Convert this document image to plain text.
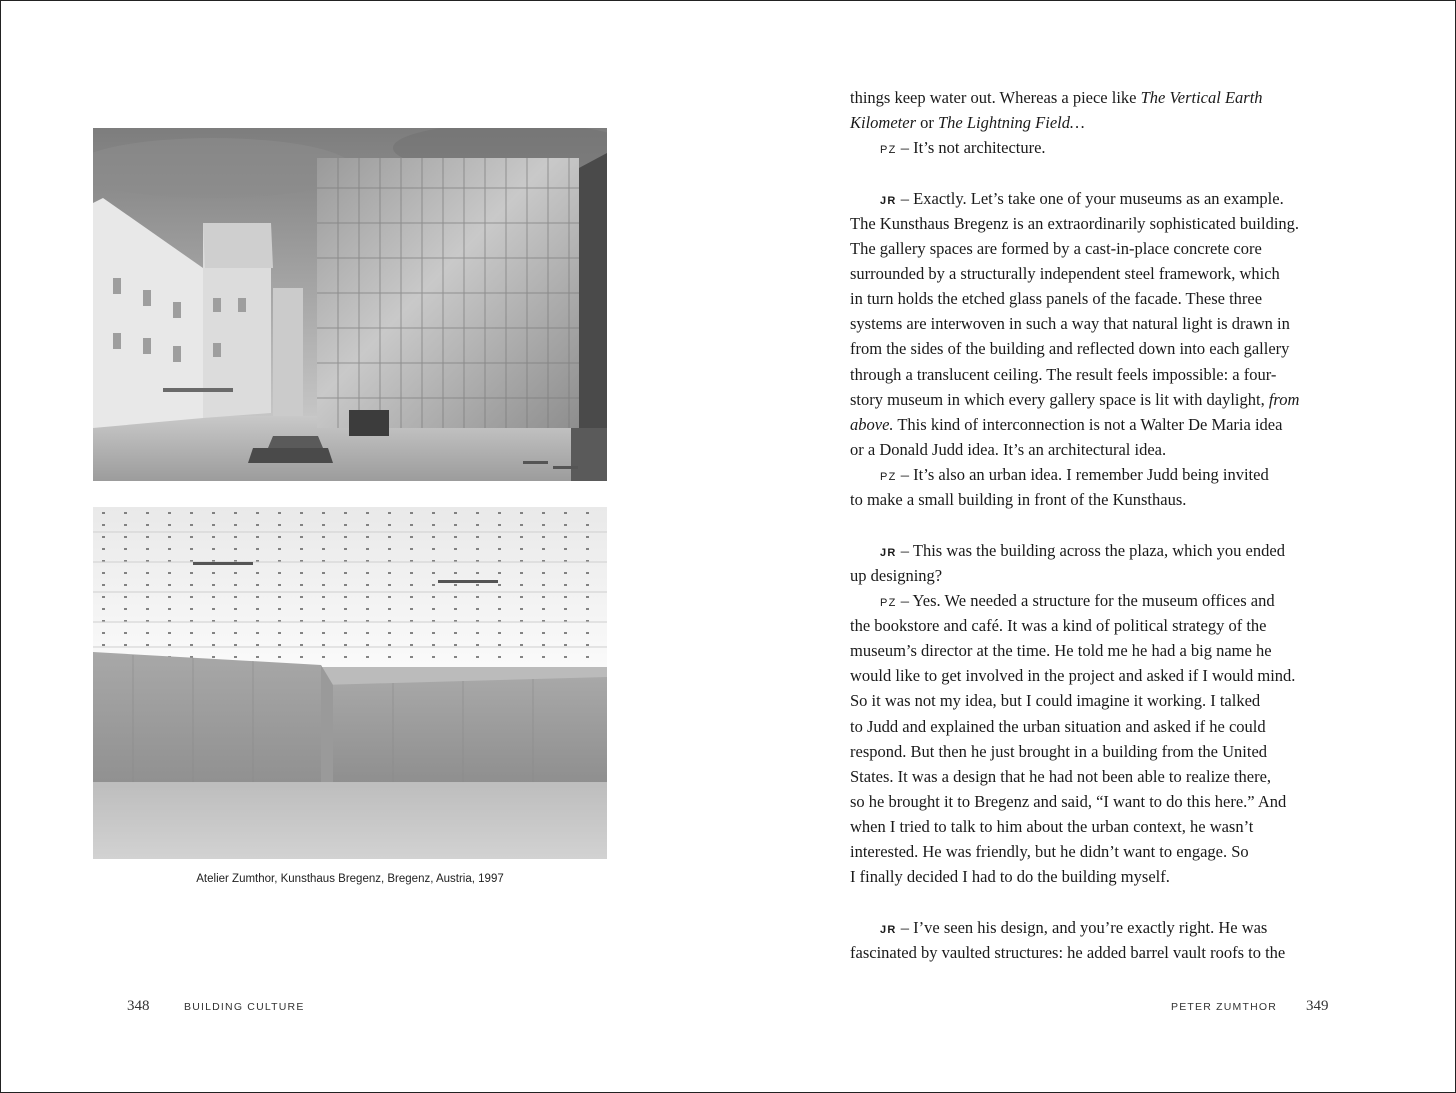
Atelier Zumthor, Kunsthaus Bregenz, Bregenz, Austria, 1997
348	BUILDING CULTURE
things keep water out. Whereas a piece like The Vertical Earth
Kilometer or The Lightning Field…
PZ – It’s not architecture.
JR – Exactly. Let’s take one of your museums as an example.
The Kunsthaus Bregenz is an extraordinarily sophisticated building.
The gallery spaces are formed by a cast-in-place concrete core
surrounded by a structurally independent steel framework, which
in turn holds the etched glass panels of the facade. These three
systems are interwoven in such a way that natural light is drawn in
from the sides of the building and reflected down into each gallery
through a translucent ceiling. The result feels impossible: a four-
story museum in which every gallery space is lit with daylight, from
above. This kind of interconnection is not a Walter De Maria idea
or a Donald Judd idea. It’s an architectural idea.
PZ – It’s also an urban idea. I remember Judd being invited
to make a small building in front of the Kunsthaus.
JR – This was the building across the plaza, which you ended
up designing?
PZ – Yes. We needed a structure for the museum offices and
the bookstore and café. It was a kind of political strategy of the
museum’s director at the time. He told me he had a big name he
would like to get involved in the project and asked if I would mind.
So it was not my idea, but I could imagine it working. I talked
to Judd and explained the urban situation and asked if he could
respond. But then he just brought in a building from the United
States. It was a design that he had not been able to realize there,
so he brought it to Bregenz and said, “I want to do this here.” And
when I tried to talk to him about the urban context, he wasn’t
interested. He was friendly, but he didn’t want to engage. So
I finally decided I had to do the building myself.
JR – I’ve seen his design, and you’re exactly right. He was
fascinated by vaulted structures: he added barrel vault roofs to the
PETER ZUMTHOR 349
